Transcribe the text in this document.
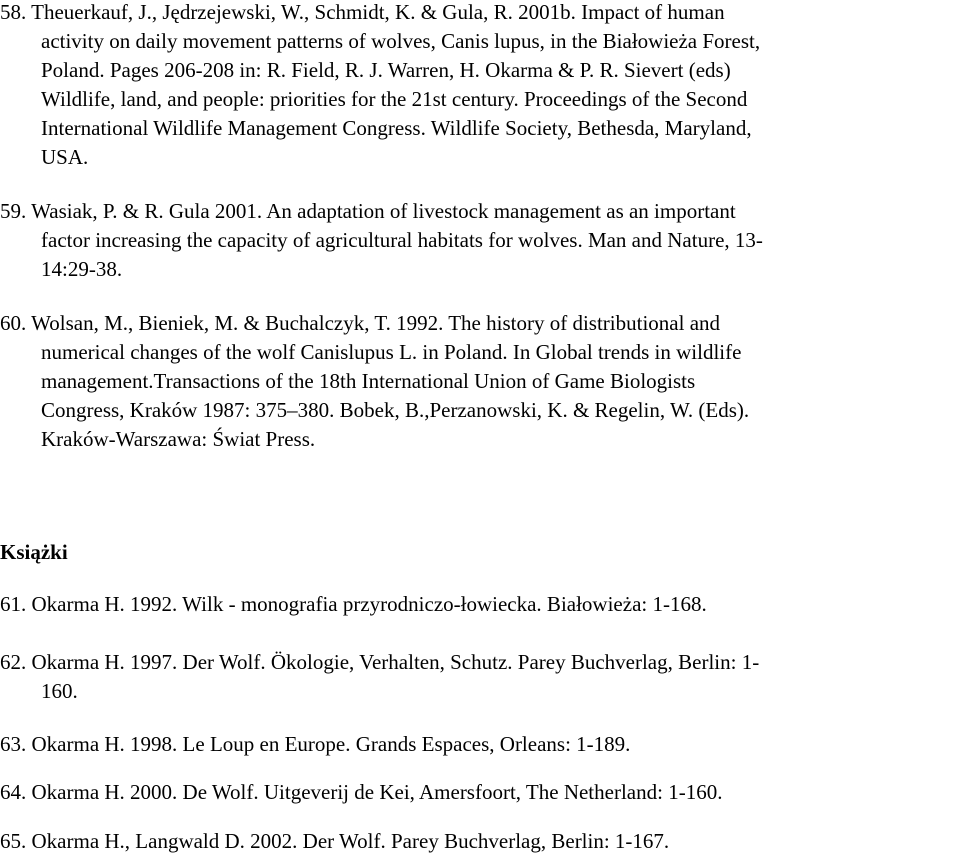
58. Theuerkauf, J., Jędrzejewski, W., Schmidt, K. & Gula, R. 2001b. Impact of human
activity on daily movement patterns of wolves, Canis lupus, in the Białowieża Forest,
Poland. Pages 206-208 in: R. Field, R. J. Warren, H. Okarma & P. R. Sievert (eds)
Wildlife, land, and people: priorities for the 21st century. Proceedings of the Second
International Wildlife Management Congress. Wildlife Society, Bethesda, Maryland,
USA.
59. Wasiak, P. & R. Gula 2001. An adaptation of livestock management as an important
factor increasing the capacity of agricultural habitats for wolves. Man and Nature, 13-
14:29-38.
60. Wolsan, M., Bieniek, M. & Buchalczyk, T. 1992. The history of distributional and
numerical changes of the wolf Canislupus L. in Poland. In Global trends in wildlife
management.Transactions of the 18th International Union of Game Biologists
Congress, Kraków 1987: 375–380. Bobek, B.,Perzanowski, K. & Regelin, W. (Eds).
Kraków-Warszawa: Świat Press.
Książki
61. Okarma H. 1992. Wilk - monografia przyrodniczo-łowiecka. Białowieża: 1-168.
62. Okarma H. 1997. Der Wolf. Ökologie, Verhalten, Schutz. Parey Buchverlag, Berlin: 1-
160.
63. Okarma H. 1998. Le Loup en Europe. Grands Espaces, Orleans: 1-189.
64. Okarma H. 2000. De Wolf. Uitgeverij de Kei, Amersfoort, The Netherland: 1-160.
65. Okarma H., Langwald D. 2002. Der Wolf. Parey Buchverlag, Berlin: 1-167.
